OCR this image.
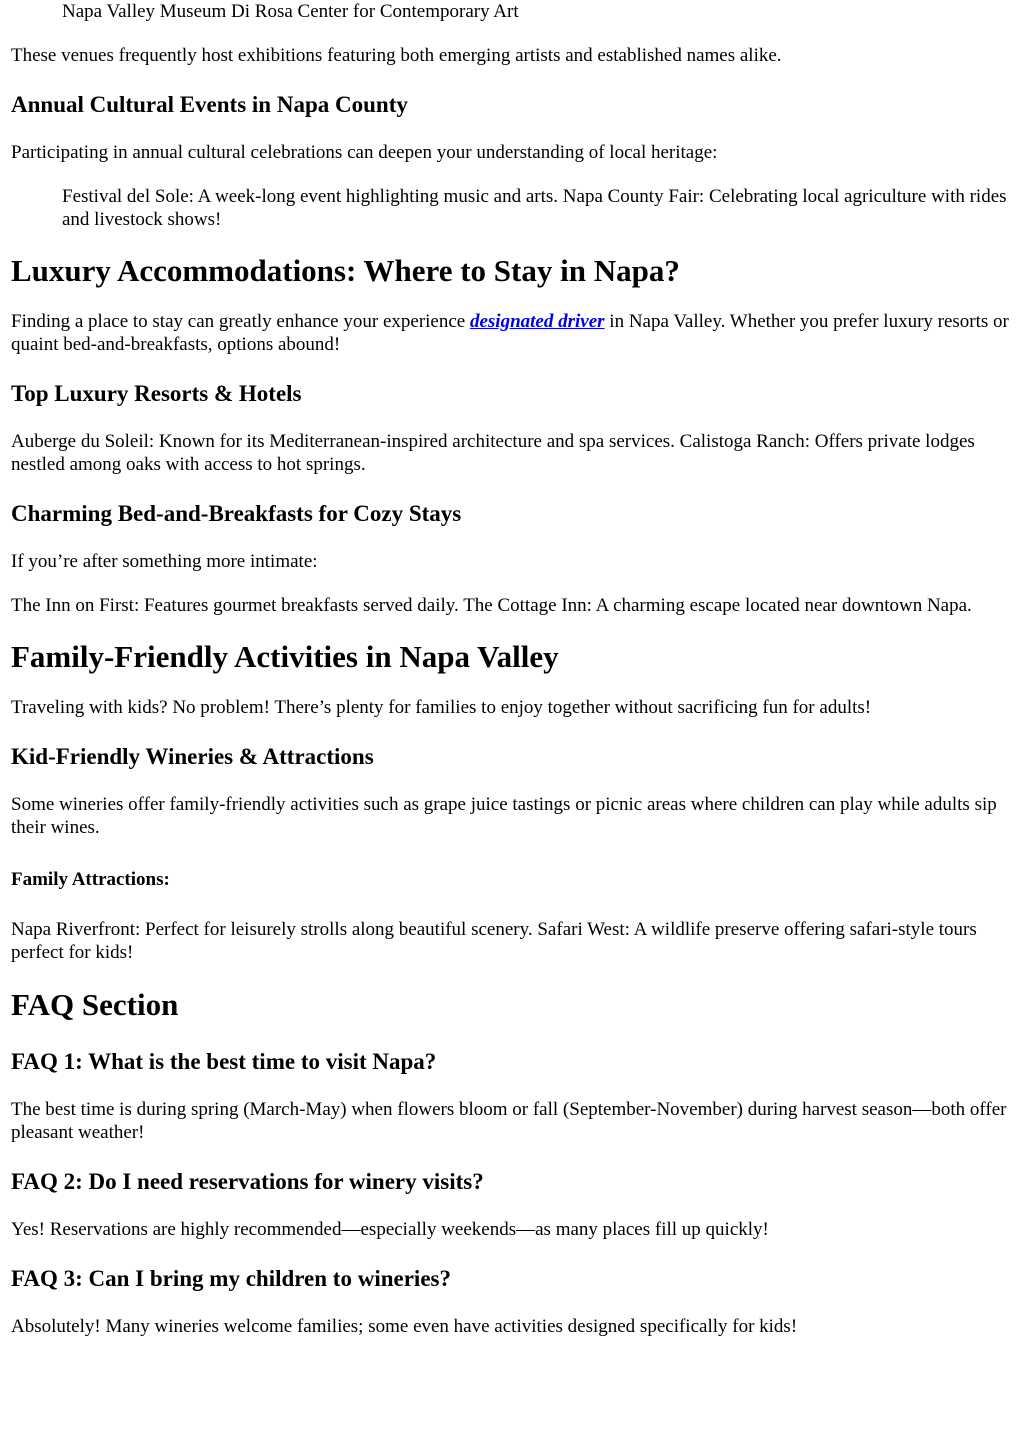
Napa Valley Museum Di Rosa Center for Contemporary Art

These venues frequently host exhibitions featuring both emerging artists and established names alike.

Annual Cultural Events in Napa County

Participating in annual cultural celebrations can deepen your understanding of local heritage:

Festival del Sole: A week-long event highlighting music and arts. Napa County Fair: Celebrating local agriculture with rides and livestock shows!
Luxury Accommodations: Where to Stay in Napa?

Finding a place to stay can greatly enhance your experience designated driver in Napa Valley. Whether you prefer luxury resorts or quaint bed-and-breakfasts, options abound!

Top Luxury Resorts & Hotels

Auberge du Soleil: Known for its Mediterranean-inspired architecture and spa services. Calistoga Ranch: Offers private lodges nestled among oaks with access to hot springs.

Charming Bed-and-Breakfasts for Cozy Stays

If you’re after something more intimate:

The Inn on First: Features gourmet breakfasts served daily. The Cottage Inn: A charming escape located near downtown Napa.

Family-Friendly Activities in Napa Valley

Traveling with kids? No problem! There’s plenty for families to enjoy together without sacrificing fun for adults!

Kid-Friendly Wineries & Attractions

Some wineries offer family-friendly activities such as grape juice tastings or picnic areas where children can play while adults sip their wines.

Family Attractions:

Napa Riverfront: Perfect for leisurely strolls along beautiful scenery. Safari West: A wildlife preserve offering safari-style tours perfect for kids!

FAQ Section
FAQ 1: What is the best time to visit Napa?

The best time is during spring (March-May) when flowers bloom or fall (September-November) during harvest season—both offer pleasant weather!

FAQ 2: Do I need reservations for winery visits?

Yes! Reservations are highly recommended—especially weekends—as many places fill up quickly!

FAQ 3: Can I bring my children to wineries?

Absolutely! Many wineries welcome families; some even have activities designed specifically for kids!
